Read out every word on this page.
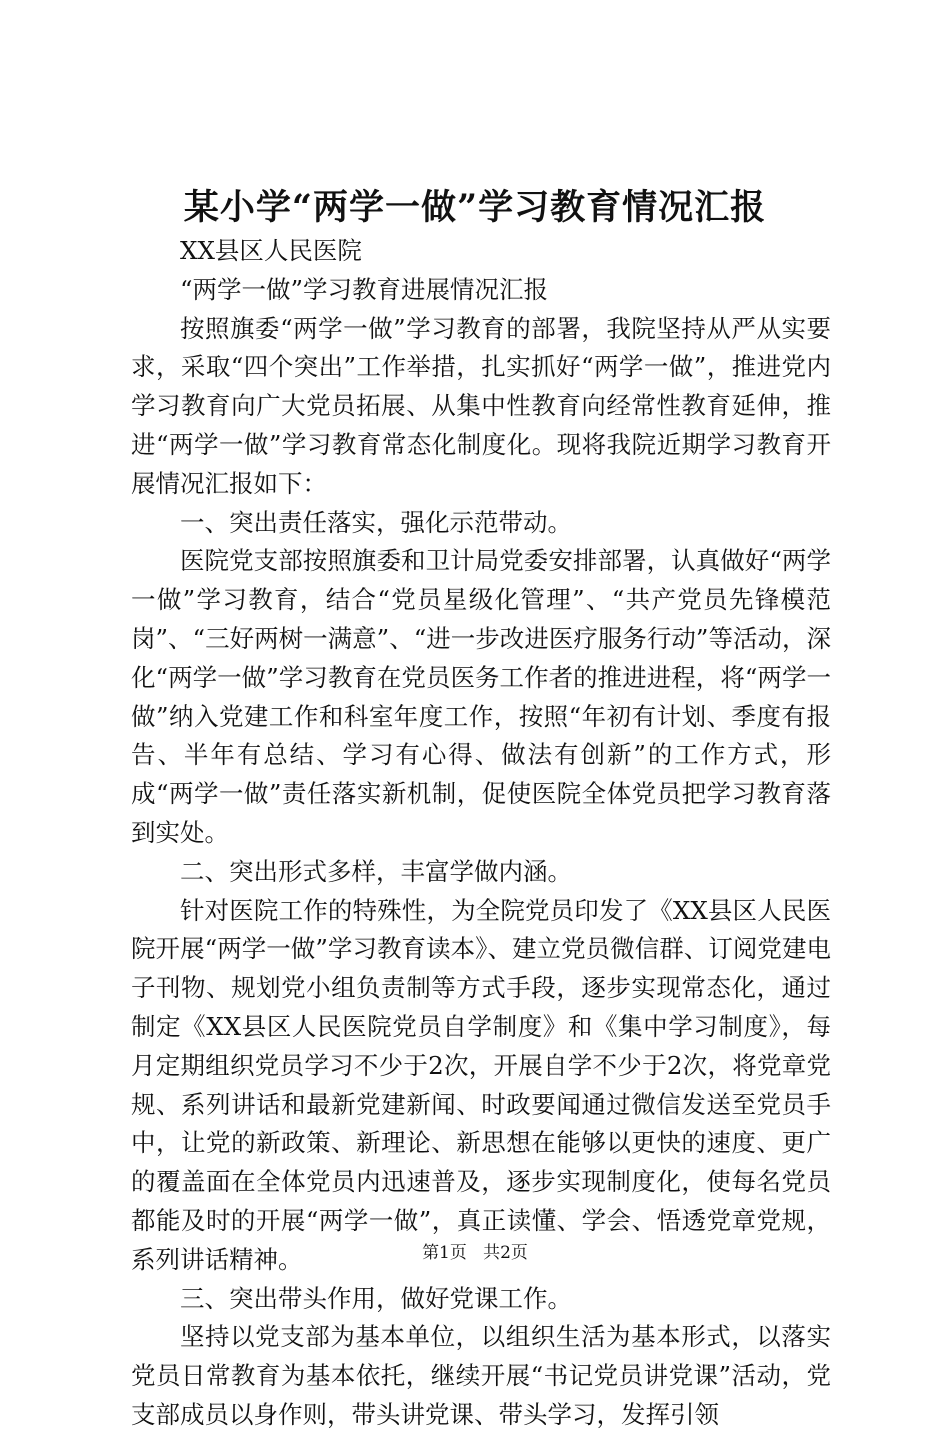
某小学“两学一做”学习教育情况汇报

XX县区人民医院

“两学一做”学习教育进展情况汇报

按照旗委“两学一做”学习教育的部署，我院坚持从严从实要求，采取“四个突出”工作举措，扎实抓好“两学一做”，推进党内学习教育向广大党员拓展、从集中性教育向经常性教育延伸，推进“两学一做”学习教育常态化制度化。现将我院近期学习教育开展情况汇报如下：

一、突出责任落实，强化示范带动。

医院党支部按照旗委和卫计局党委安排部署，认真做好“两学一做”学习教育，结合“党员星级化管理”、“共产党员先锋模范岗”、“三好两树一满意”、“进一步改进医疗服务行动”等活动，深化“两学一做”学习教育在党员医务工作者的推进进程，将“两学一做”纳入党建工作和科室年度工作，按照“年初有计划、季度有报告、半年有总结、学习有心得、做法有创新”的工作方式，形成“两学一做”责任落实新机制，促使医院全体党员把学习教育落到实处。

二、突出形式多样，丰富学做内涵。

针对医院工作的特殊性，为全院党员印发了《XX县区人民医院开展“两学一做”学习教育读本》、建立党员微信群、订阅党建电子刊物、规划党小组负责制等方式手段，逐步实现常态化，通过制定《XX县区人民医院党员自学制度》和《集中学习制度》，每月定期组织党员学习不少于2次，开展自学不少于2次，将党章党规、系列讲话和最新党建新闻、时政要闻通过微信发送至党员手中，让党的新政策、新理论、新思想在能够以更快的速度、更广的覆盖面在全体党员内迅速普及，逐步实现制度化，使每名党员都能及时的开展“两学一做”，真正读懂、学会、悟透党章党规，系列讲话精神。

三、突出带头作用，做好党课工作。

坚持以党支部为基本单位，以组织生活为基本形式，以落实党员日常教育为基本依托，继续开展“书记党员讲党课”活动，党支部成员以身作则，带头讲党课、带头学习，发挥引领

第1页 共2页
